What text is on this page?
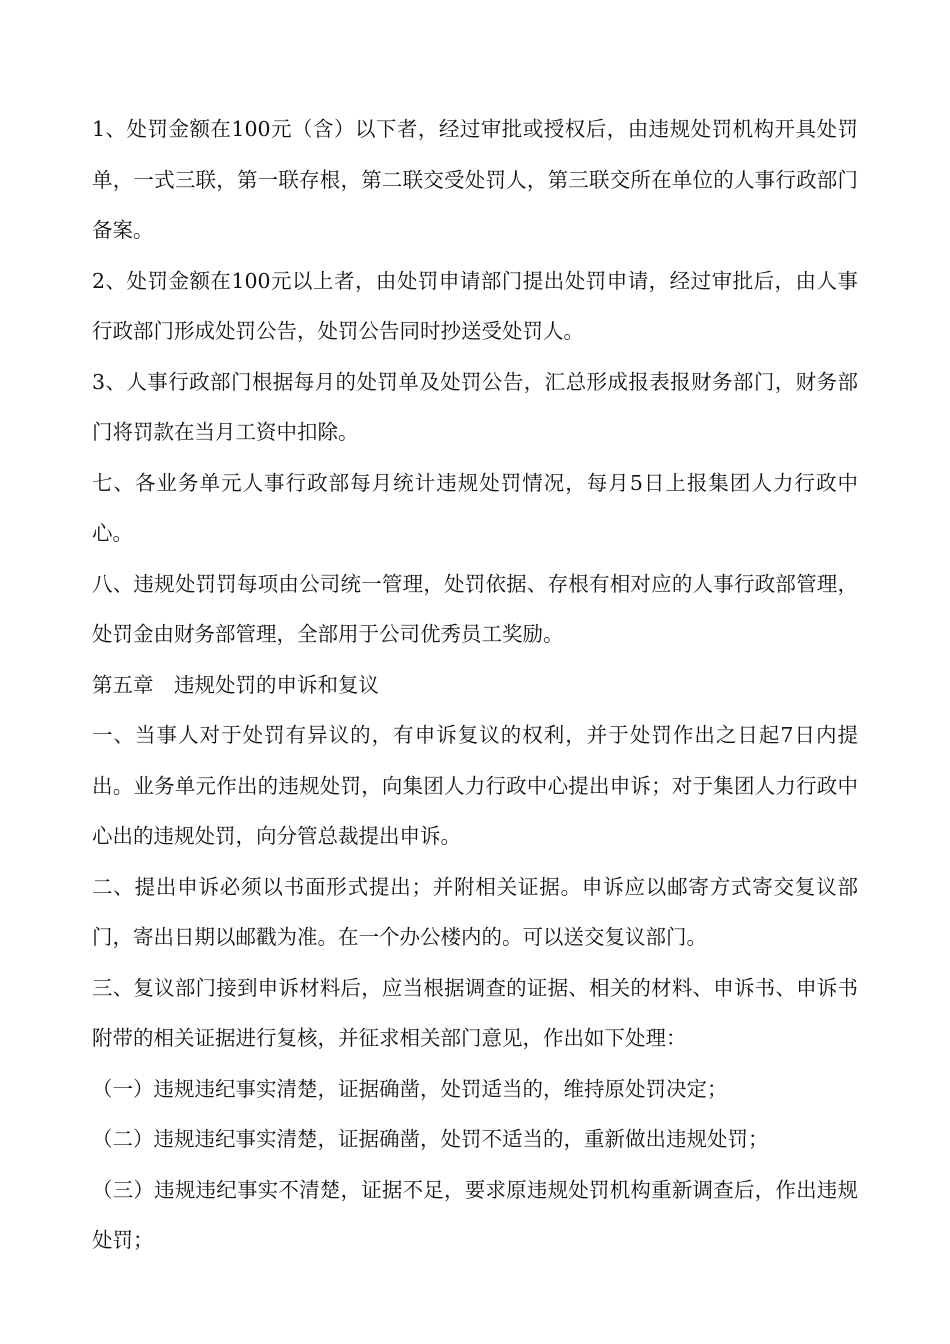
1、处罚金额在100元（含）以下者，经过审批或授权后，由违规处罚机构开具处罚单，一式三联，第一联存根，第二联交受处罚人，第三联交所在单位的人事行政部门备案。

2、处罚金额在100元以上者，由处罚申请部门提出处罚申请，经过审批后，由人事行政部门形成处罚公告，处罚公告同时抄送受处罚人。

3、人事行政部门根据每月的处罚单及处罚公告，汇总形成报表报财务部门，财务部门将罚款在当月工资中扣除。

七、各业务单元人事行政部每月统计违规处罚情况，每月5日上报集团人力行政中心。

八、违规处罚罚每项由公司统一管理，处罚依据、存根有相对应的人事行政部管理，处罚金由财务部管理，全部用于公司优秀员工奖励。

第五章　违规处罚的申诉和复议

一、当事人对于处罚有异议的，有申诉复议的权利，并于处罚作出之日起7日内提出。业务单元作出的违规处罚，向集团人力行政中心提出申诉；对于集团人力行政中心出的违规处罚，向分管总裁提出申诉。

二、提出申诉必须以书面形式提出；并附相关证据。申诉应以邮寄方式寄交复议部门，寄出日期以邮戳为准。在一个办公楼内的。可以送交复议部门。

三、复议部门接到申诉材料后，应当根据调查的证据、相关的材料、申诉书、申诉书附带的相关证据进行复核，并征求相关部门意见，作出如下处理：

（一）违规违纪事实清楚，证据确凿，处罚适当的，维持原处罚决定；

（二）违规违纪事实清楚，证据确凿，处罚不适当的，重新做出违规处罚；

（三）违规违纪事实不清楚，证据不足，要求原违规处罚机构重新调查后，作出违规处罚；
